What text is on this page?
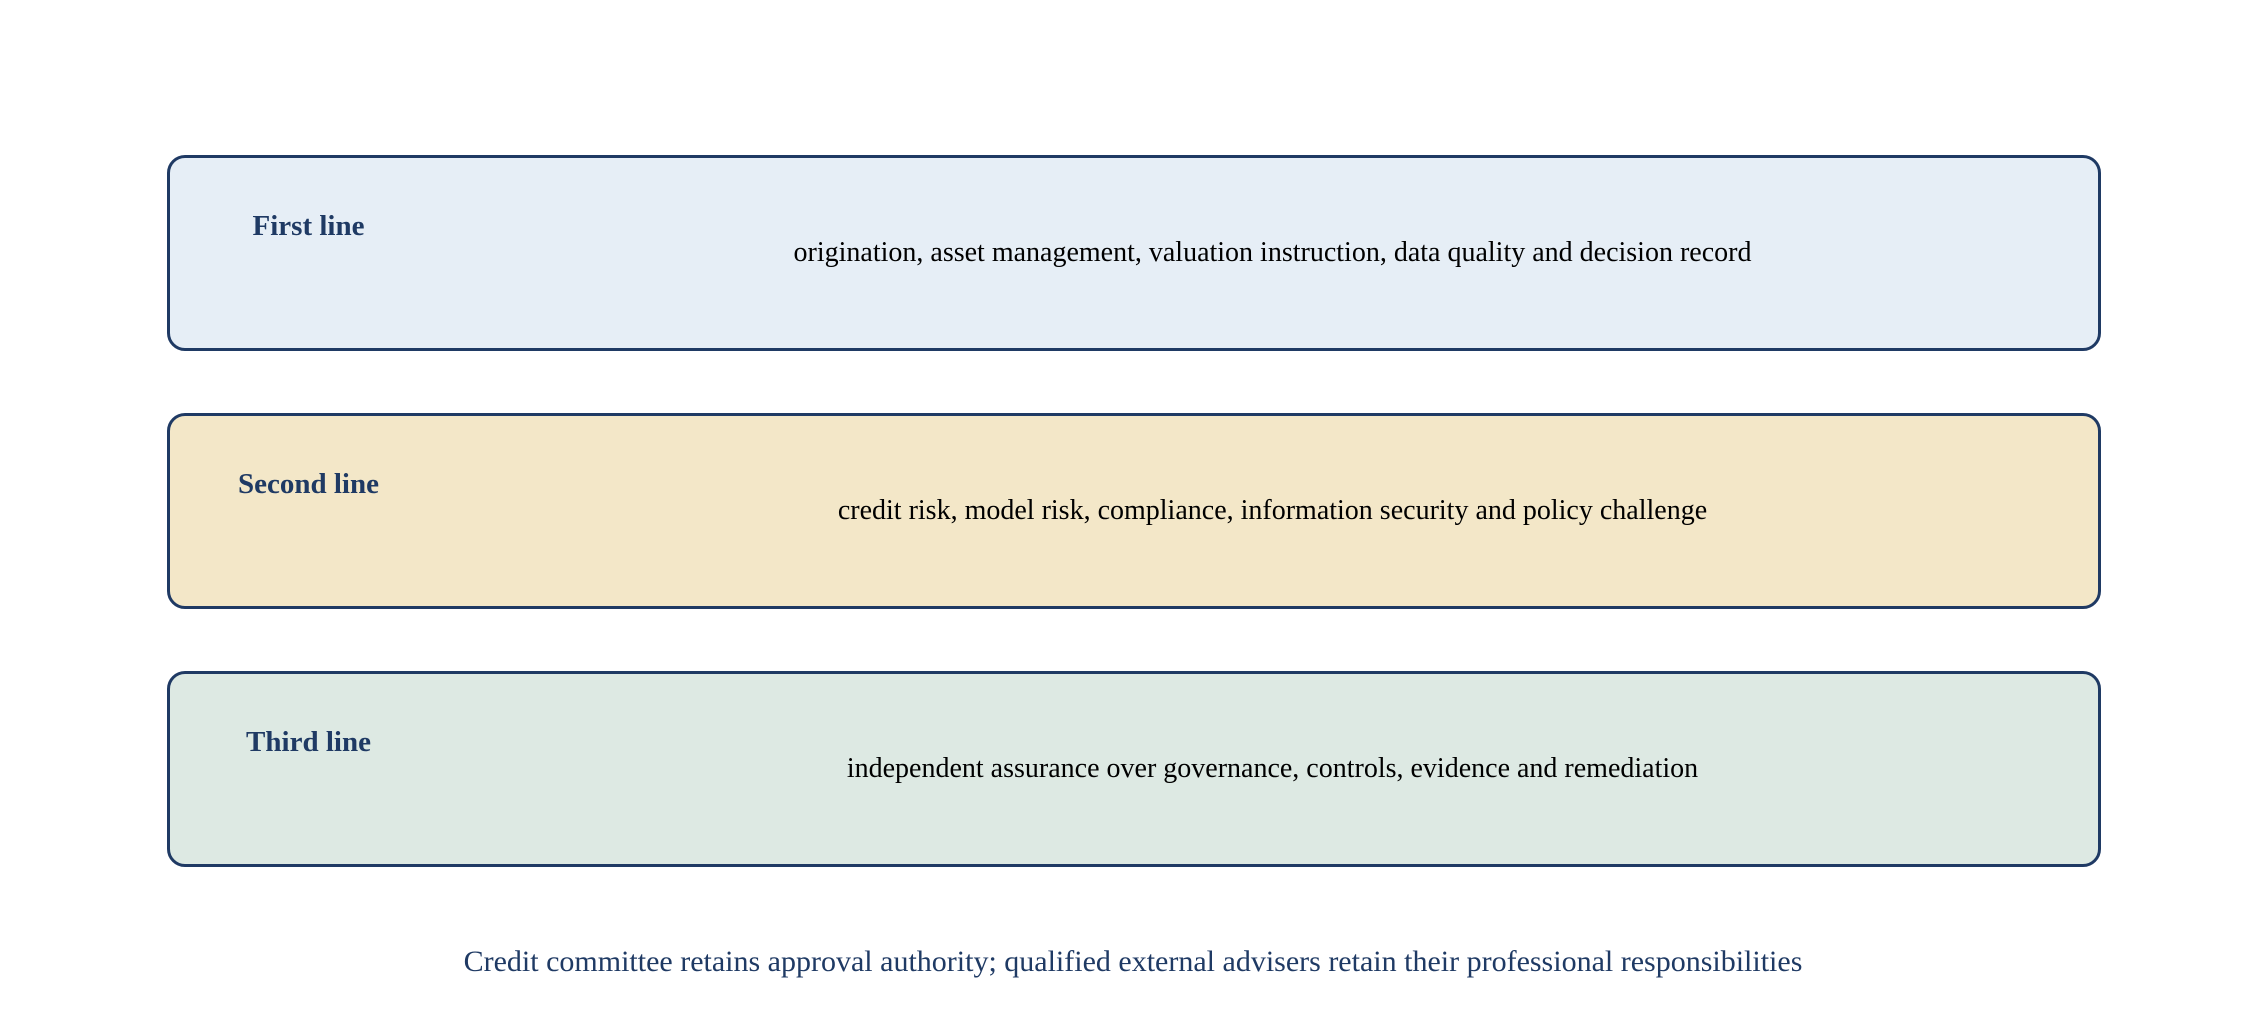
First line
origination, asset management, valuation instruction, data quality and decision record
Second line
credit risk, model risk, compliance, information security and policy challenge
Third line
independent assurance over governance, controls, evidence and remediation
Credit committee retains approval authority; qualified external advisers retain their professional responsibilities
